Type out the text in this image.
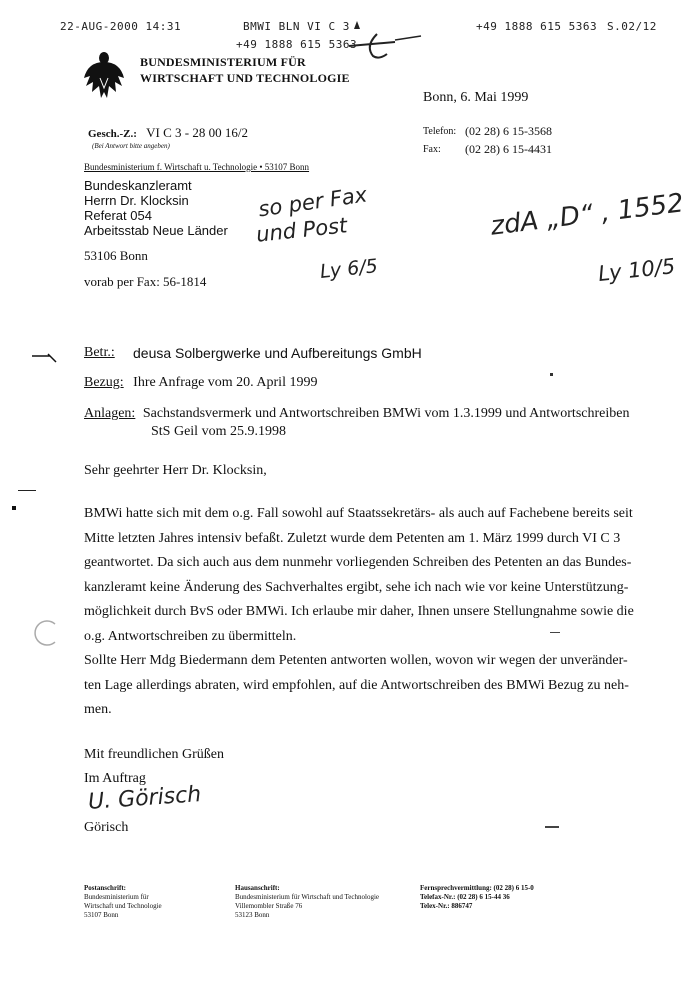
22-AUG-2000 14:31	BMWI BLN VI C 3	+49 1888 615 5363 S.02/12
+49 1888 615 5363
BUNDESMINISTERIUM FÜR
WIRTSCHAFT UND TECHNOLOGIE
Bonn, 6. Mai 1999
Gesch.-Z.: VI C 3 - 28 00 16/2
(Bei Antwort bitte angeben)
Telefon: (02 28) 6 15-3568
Fax: (02 28) 6 15-4431
Bundesministerium f. Wirtschaft u. Technologie • 53107 Bonn
Bundeskanzleramt
Herrn Dr. Klocksin
Referat 054
Arbeitsstab Neue Länder
53106 Bonn
vorab per Fax: 56-1814
so per Fax
und Post
Ly 6/5
zdA „D“ , 1552
Ly 10/5
Betr.: deusa Solbergwerke und Aufbereitungs GmbH
Bezug: Ihre Anfrage vom 20. April 1999
Anlagen: Sachstandsvermerk und Antwortschreiben BMWi vom 1.3.1999 und Antwortschreiben
StS Geil vom 25.9.1998
Sehr geehrter Herr Dr. Klocksin,
BMWi hatte sich mit dem o.g. Fall sowohl auf Staatssekretärs- als auch auf Fachebene bereits seit
Mitte letzten Jahres intensiv befaßt. Zuletzt wurde dem Petenten am 1. März 1999 durch VI C 3
geantwortet. Da sich auch aus dem nunmehr vorliegenden Schreiben des Petenten an das Bundes-
kanzleramt keine Änderung des Sachverhaltes ergibt, sehe ich nach wie vor keine Unterstützung-
möglichkeit durch BvS oder BMWi. Ich erlaube mir daher, Ihnen unsere Stellungnahme sowie die
o.g. Antwortschreiben zu übermitteln.
Sollte Herr Mdg Biedermann dem Petenten antworten wollen, wovon wir wegen der unveränder-
ten Lage allerdings abraten, wird empfohlen, auf die Antwortschreiben des BMWi Bezug zu neh-
men.
Mit freundlichen Grüßen
Im Auftrag
U. Görisch
Görisch
Postanschrift:
Bundesministerium für
Wirtschaft und Technologie
53107 Bonn
Hausanschrift:
Bundesministerium für Wirtschaft und Technologie
Villemombler Straße 76
53123 Bonn
Fernsprechvermittlung: (02 28) 6 15-0
Telefax-Nr.: (02 28) 6 15-44 36
Telex-Nr.: 886747
